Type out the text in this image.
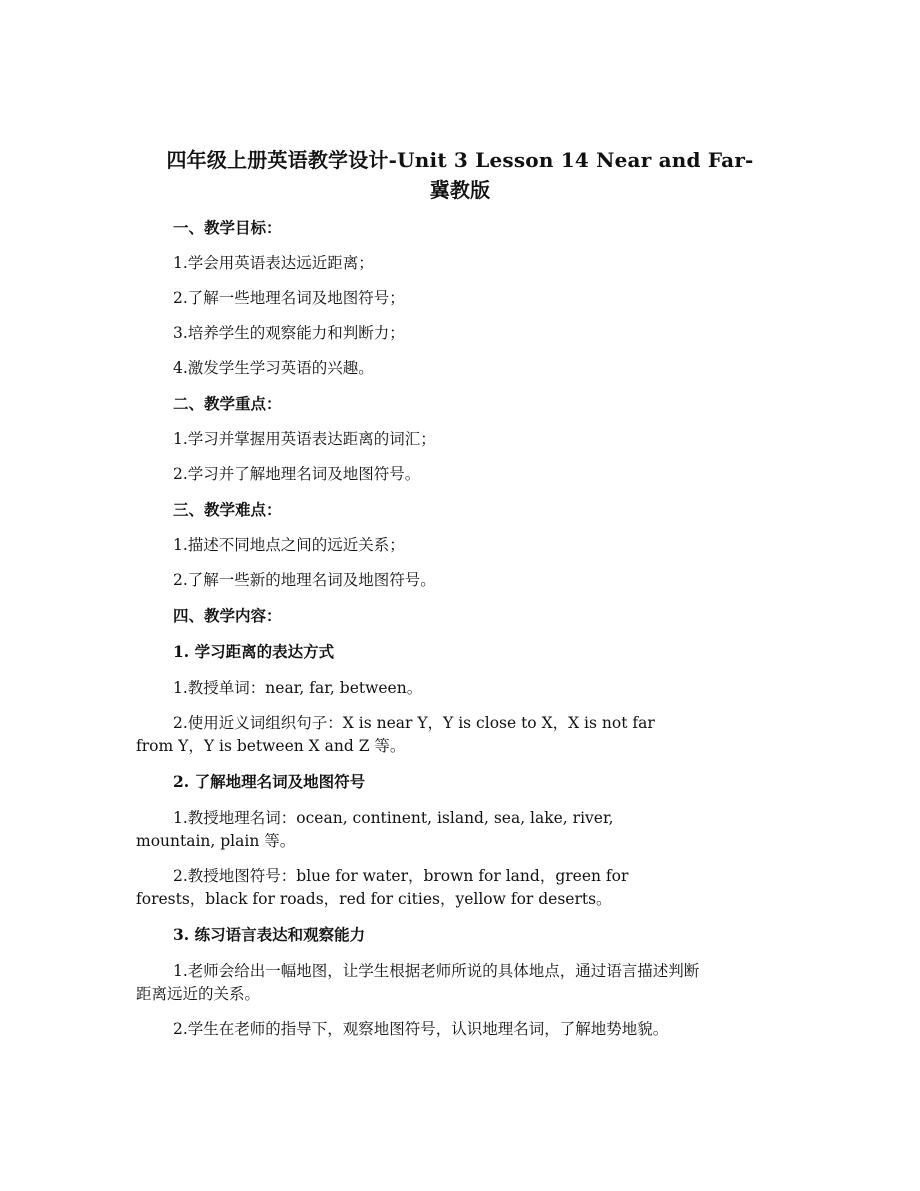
四年级上册英语教学设计-Unit 3 Lesson 14 Near and Far-
冀教版
一、教学目标：
1.学会用英语表达远近距离；
2.了解一些地理名词及地图符号；
3.培养学生的观察能力和判断力；
4.激发学生学习英语的兴趣。
二、教学重点：
1.学习并掌握用英语表达距离的词汇；
2.学习并了解地理名词及地图符号。
三、教学难点：
1.描述不同地点之间的远近关系；
2.了解一些新的地理名词及地图符号。
四、教学内容：
1. 学习距离的表达方式
1.教授单词：near, far, between。
2.使用近义词组织句子：X is near Y，Y is close to X，X is not far
from Y，Y is between X and Z 等。
2. 了解地理名词及地图符号
1.教授地理名词：ocean, continent, island, sea, lake, river,
mountain, plain 等。
2.教授地图符号：blue for water，brown for land，green for
forests，black for roads，red for cities，yellow for deserts。
3. 练习语言表达和观察能力
1.老师会给出一幅地图，让学生根据老师所说的具体地点，通过语言描述判断
距离远近的关系。
2.学生在老师的指导下，观察地图符号，认识地理名词，了解地势地貌。
